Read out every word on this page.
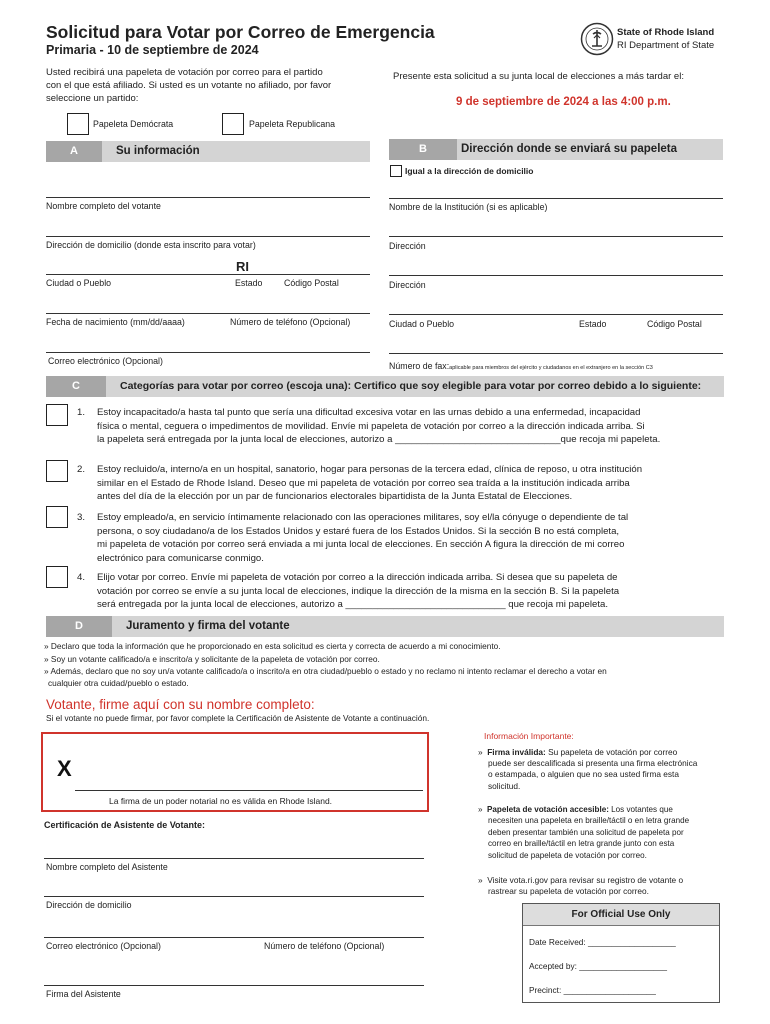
Solicitud para Votar por Correo de Emergencia
Primaria - 10 de septiembre de 2024
State of Rhode Island
RI Department of State
Usted recibirá una papeleta de votación por correo para el partido
con el que está afiliado. Si usted es un votante no afiliado, por favor
seleccione un partido:
Presente esta solicitud a su junta local de elecciones a más tardar el:
9 de septiembre de 2024 a las 4:00 p.m.
Papeleta Demócrata	Papeleta Republicana
A	Su información	B	Dirección donde se enviará su papeleta
Nombre completo del votante
Dirección de domicilio (donde esta inscrito para votar)
RI
Ciudad o Pueblo	Estado Código Postal
Fecha de nacimiento (mm/dd/aaaa)	Número de teléfono (Opcional)
Correo electrónico (Opcional)
Igual a la dirección de domicilio
Nombre de la Institución (si es aplicable)
Dirección
Dirección
Ciudad o Pueblo	Estado	Código Postal
Número de fax:aplicable para miembros del ejército y ciudadanos en el extranjero en la sección C3
C	Categorías para votar por correo (escoja una): Certifico que soy elegible para votar por correo debido a lo siguiente:
1. Estoy incapacitado/a hasta tal punto que sería una dificultad excesiva votar en las urnas debido a una enfermedad, incapacidad
física o mental, ceguera o impedimentos de movilidad. Envíe mi papeleta de votación por correo a la dirección indicada arriba. Si
la papeleta será entregada por la junta local de elecciones, autorizo a _______________________________que recoja mi papeleta.
2. Estoy recluido/a, interno/a en un hospital, sanatorio, hogar para personas de la tercera edad, clínica de reposo, u otra institución
similar en el Estado de Rhode Island. Deseo que mi papeleta de votación por correo sea traída a la institución indicada arriba
antes del día de la elección por un par de funcionarios electorales bipartidista de la Junta Estatal de Elecciones.
3. Estoy empleado/a, en servicio íntimamente relacionado con las operaciones militares, soy el/la cónyuge o dependiente de tal
persona, o soy ciudadano/a de los Estados Unidos y estaré fuera de los Estados Unidos. Si la sección B no está completa,
mi papeleta de votación por correo será enviada a mi junta local de elecciones. En sección A figura la dirección de mi correo
electrónico para comunicarse conmigo.
4. Elijo votar por correo. Envíe mi papeleta de votación por correo a la dirección indicada arriba. Si desea que su papeleta de
votación por correo se envíe a su junta local de elecciones, indique la dirección de la misma en la sección B. Si la papeleta
será entregada por la junta local de elecciones, autorizo a ______________________________ que recoja mi papeleta.
D	Juramento y firma del votante
» Declaro que toda la información que he proporcionado en esta solicitud es cierta y correcta de acuerdo a mi conocimiento.
» Soy un votante calificado/a e inscrito/a y solicitante de la papeleta de votación por correo.
» Además, declaro que no soy un/a votante calificado/a o inscrito/a en otra ciudad/pueblo o estado y no reclamo ni intento reclamar el derecho a votar en
cualquier otra cuidad/pueblo o estado.
Votante, firme aquí con su nombre completo:
Si el votante no puede firmar, por favor complete la Certificación de Asistente de Votante a continuación.
X
La firma de un poder notarial no es válida en Rhode Island.
Certificación de Asistente de Votante:
Nombre completo del Asistente
Dirección de domicilio
Correo electrónico (Opcional)	Número de teléfono (Opcional)
Firma del Asistente
Información Importante:
»  Firma inválida: Su papeleta de votación por correo
puede ser descalificada si presenta una firma electrónica
o estampada, o alguien que no sea usted firma esta
solicitud.
»  Papeleta de votación accesible: Los votantes que
necesiten una papeleta en braille/táctil o en letra grande
deben presentar también una solicitud de papeleta por
correo en braille/táctil en letra grande junto con esta
solicitud de papeleta de votación por correo.
»  Visite vota.ri.gov para revisar su registro de votante o
rastrear su papeleta de votación por correo.
For Official Use Only
Date Received: ___________________
Accepted by: ___________________
Precinct: ____________________
